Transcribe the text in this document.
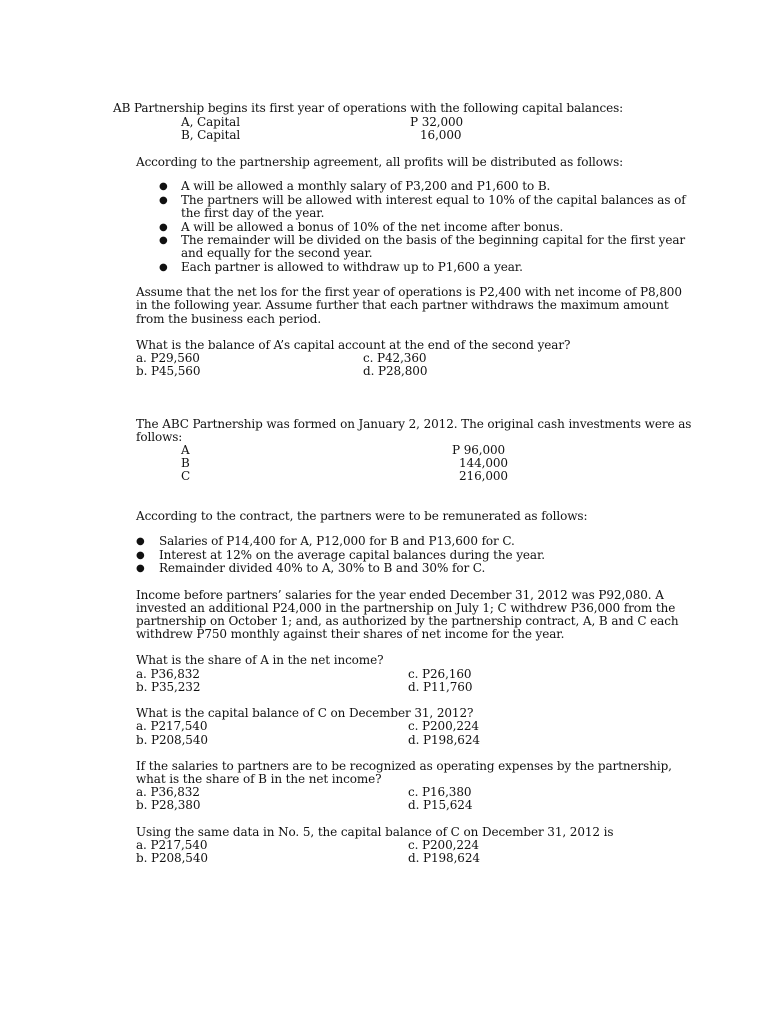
AB Partnership begins its first year of operations with the following capital balances:
A, Capital	P 32,000
B, Capital	16,000
According to the partnership agreement, all profits will be distributed as follows:
● A will be allowed a monthly salary of P3,200 and P1,600 to B.
● The partners will be allowed with interest equal to 10% of the capital balances as of
the first day of the year.
● A will be allowed a bonus of 10% of the net income after bonus.
● The remainder will be divided on the basis of the beginning capital for the first year
and equally for the second year.
● Each partner is allowed to withdraw up to P1,600 a year.
Assume that the net los for the first year of operations is P2,400 with net income of P8,800
in the following year. Assume further that each partner withdraws the maximum amount
from the business each period.
What is the balance of A’s capital account at the end of the second year?
a. P29,560	c. P42,360
b. P45,560	d. P28,800
The ABC Partnership was formed on January 2, 2012. The original cash investments were as
follows:
A	P 96,000
B	144,000
C	216,000
According to the contract, the partners were to be remunerated as follows:
● Salaries of P14,400 for A, P12,000 for B and P13,600 for C.
● Interest at 12% on the average capital balances during the year.
● Remainder divided 40% to A, 30% to B and 30% for C.
Income before partners’ salaries for the year ended December 31, 2012 was P92,080. A
invested an additional P24,000 in the partnership on July 1; C withdrew P36,000 from the
partnership on October 1; and, as authorized by the partnership contract, A, B and C each
withdrew P750 monthly against their shares of net income for the year.
What is the share of A in the net income?
a. P36,832	c. P26,160
b. P35,232	d. P11,760
What is the capital balance of C on December 31, 2012?
a. P217,540	c. P200,224
b. P208,540	d. P198,624
If the salaries to partners are to be recognized as operating expenses by the partnership,
what is the share of B in the net income?
a. P36,832	c. P16,380
b. P28,380	d. P15,624
Using the same data in No. 5, the capital balance of C on December 31, 2012 is
a. P217,540	c. P200,224
b. P208,540	d. P198,624
